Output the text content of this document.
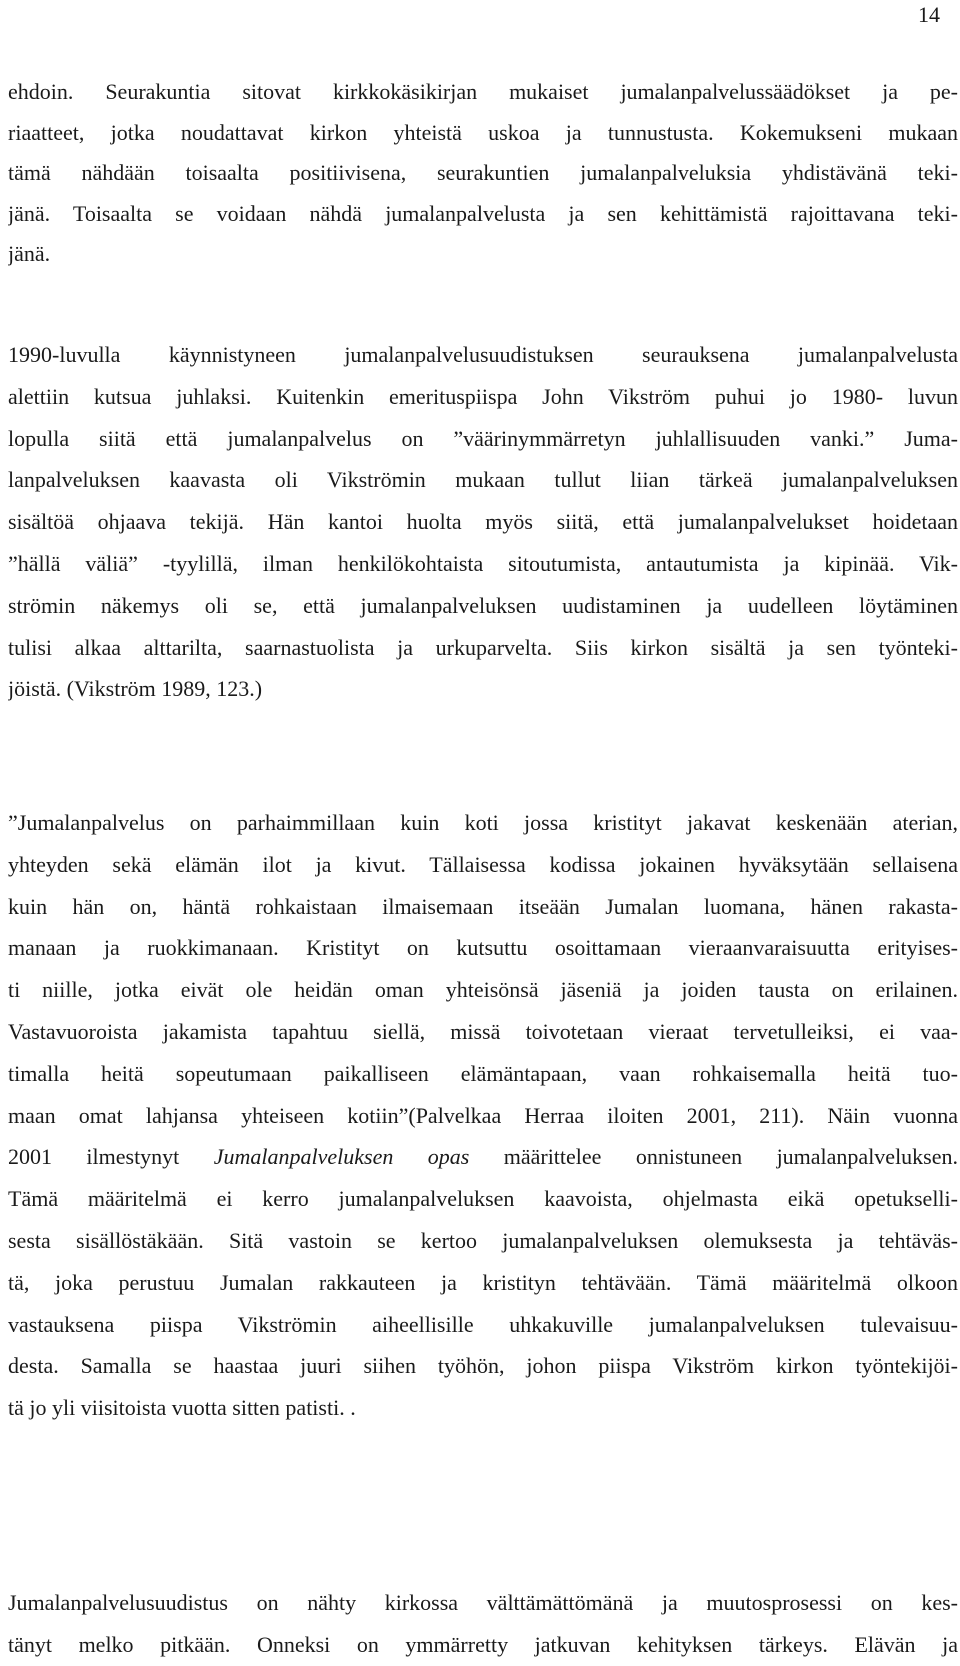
14
ehdoin. Seurakuntia sitovat kirkkokäsikirjan mukaiset jumalanpalvelussäädökset ja pe-
riaatteet, jotka noudattavat kirkon yhteistä uskoa ja tunnustusta. Kokemukseni mukaan
tämä nähdään toisaalta positiivisena, seurakuntien jumalanpalveluksia yhdistävänä teki-
jänä. Toisaalta se voidaan nähdä jumalanpalvelusta ja sen kehittämistä rajoittavana teki-
jänä.
1990-luvulla käynnistyneen jumalanpalvelusuudistuksen seurauksena jumalanpalvelusta
alettiin kutsua juhlaksi. Kuitenkin emerituspiispa John Vikström puhui jo 1980- luvun
lopulla siitä että jumalanpalvelus on ”väärinymmärretyn juhlallisuuden vanki.” Juma-
lanpalveluksen kaavasta oli Vikströmin mukaan tullut liian tärkeä jumalanpalveluksen
sisältöä ohjaava tekijä. Hän kantoi huolta myös siitä, että jumalanpalvelukset hoidetaan
”hällä väliä” -tyylillä, ilman henkilökohtaista sitoutumista, antautumista ja kipinää. Vik-
strömin näkemys oli se, että jumalanpalveluksen uudistaminen ja uudelleen löytäminen
tulisi alkaa alttarilta, saarnastuolista ja urkuparvelta. Siis kirkon sisältä ja sen työnteki-
jöistä. (Vikström 1989, 123.)
”Jumalanpalvelus on parhaimmillaan kuin koti jossa kristityt jakavat keskenään aterian,
yhteyden sekä elämän ilot ja kivut. Tällaisessa kodissa jokainen hyväksytään sellaisena
kuin hän on, häntä rohkaistaan ilmaisemaan itseään Jumalan luomana, hänen rakasta-
manaan ja ruokkimanaan. Kristityt on kutsuttu osoittamaan vieraanvaraisuutta erityises-
ti niille, jotka eivät ole heidän oman yhteisönsä jäseniä ja joiden tausta on erilainen.
Vastavuoroista jakamista tapahtuu siellä, missä toivotetaan vieraat tervetulleiksi, ei vaa-
timalla heitä sopeutumaan paikalliseen elämäntapaan, vaan rohkaisemalla heitä tuo-
maan omat lahjansa yhteiseen kotiin”(Palvelkaa Herraa iloiten 2001, 211). Näin vuonna
2001 ilmestynyt Jumalanpalveluksen opas määrittelee onnistuneen jumalanpalveluksen.
Tämä määritelmä ei kerro jumalanpalveluksen kaavoista, ohjelmasta eikä opetukselli-
sesta sisällöstäkään. Sitä vastoin se kertoo jumalanpalveluksen olemuksesta ja tehtäväs-
tä, joka perustuu Jumalan rakkauteen ja kristityn tehtävään. Tämä määritelmä olkoon
vastauksena piispa Vikströmin aiheellisille uhkakuville jumalanpalveluksen tulevaisuu-
desta. Samalla se haastaa juuri siihen työhön, johon piispa Vikström kirkon työntekijöi-
tä jo yli viisitoista vuotta sitten patisti. .
Jumalanpalvelusuudistus on nähty kirkossa välttämättömänä ja muutosprosessi on kes-
tänyt melko pitkään. Onneksi on ymmärretty jatkuvan kehityksen tärkeys. Elävän ja
